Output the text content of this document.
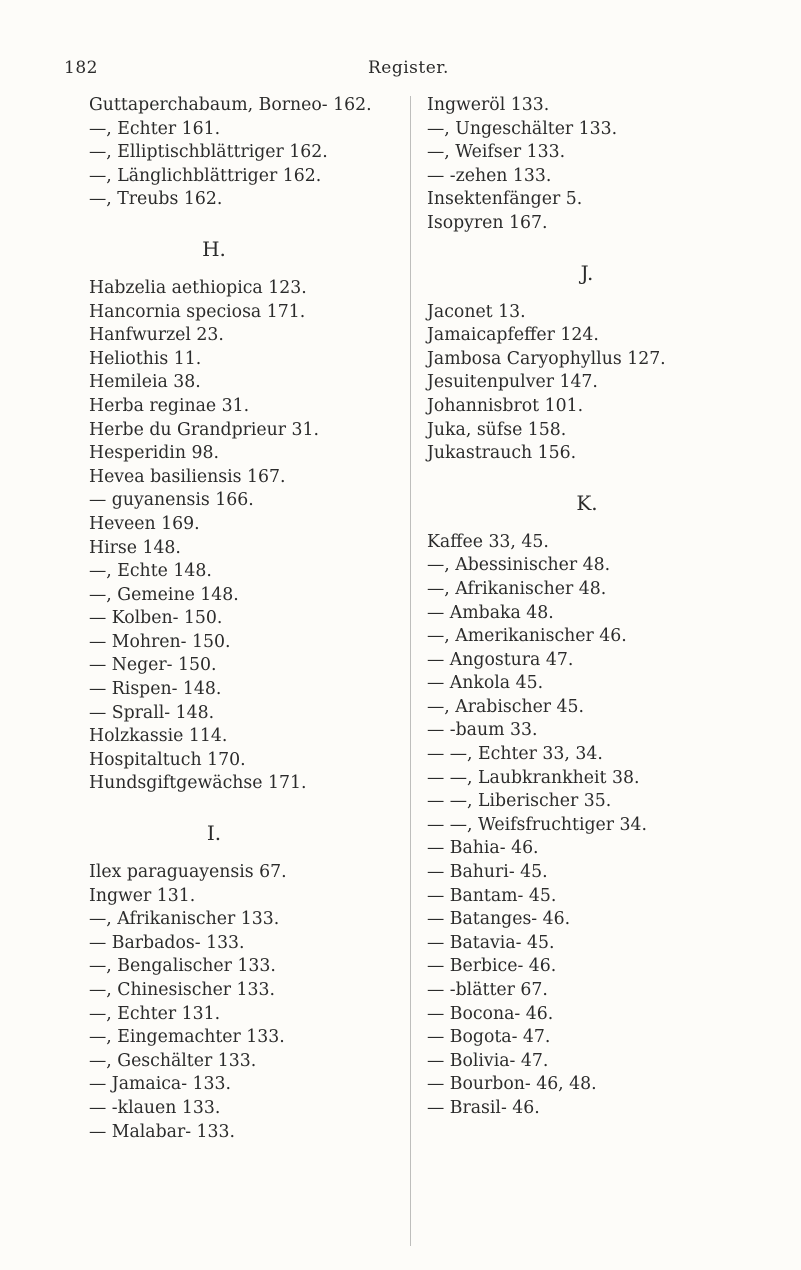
182	Register.
Guttaperchabaum, Borneo- 162.
—, Echter 161.
—, Elliptischblättriger 162.
—, Länglichblättriger 162.
—, Treubs 162.
H.
Habzelia aethiopica 123.
Hancornia speciosa 171.
Hanfwurzel 23.
Heliothis 11.
Hemileia 38.
Herba reginae 31.
Herbe du Grandprieur 31.
Hesperidin 98.
Hevea basiliensis 167.
— guyanensis 166.
Heveen 169.
Hirse 148.
—, Echte 148.
—, Gemeine 148.
— Kolben- 150.
— Mohren- 150.
— Neger- 150.
— Rispen- 148.
— Sprall- 148.
Holzkassie 114.
Hospitaltuch 170.
Hundsgiftgewächse 171.
I.
Ilex paraguayensis 67.
Ingwer 131.
—, Afrikanischer 133.
— Barbados- 133.
—, Bengalischer 133.
—, Chinesischer 133.
—, Echter 131.
—, Eingemachter 133.
—, Geschälter 133.
— Jamaica- 133.
— -klauen 133.
— Malabar- 133.
Ingweröl 133.
—, Ungeschälter 133.
—, Weifser 133.
— -zehen 133.
Insektenfänger 5.
Isopyren 167.
J.
Jaconet 13.
Jamaicapfeffer 124.
Jambosa Caryophyllus 127.
Jesuitenpulver 147.
Johannisbrot 101.
Juka, süfse 158.
Jukastrauch 156.
K.
Kaffee 33, 45.
—, Abessinischer 48.
—, Afrikanischer 48.
— Ambaka 48.
—, Amerikanischer 46.
— Angostura 47.
— Ankola 45.
—, Arabischer 45.
— -baum 33.
— —, Echter 33, 34.
— —, Laubkrankheit 38.
— —, Liberischer 35.
— —, Weifsfruchtiger 34.
— Bahia- 46.
— Bahuri- 45.
— Bantam- 45.
— Batanges- 46.
— Batavia- 45.
— Berbice- 46.
— -blätter 67.
— Bocona- 46.
— Bogota- 47.
— Bolivia- 47.
— Bourbon- 46, 48.
— Brasil- 46.
